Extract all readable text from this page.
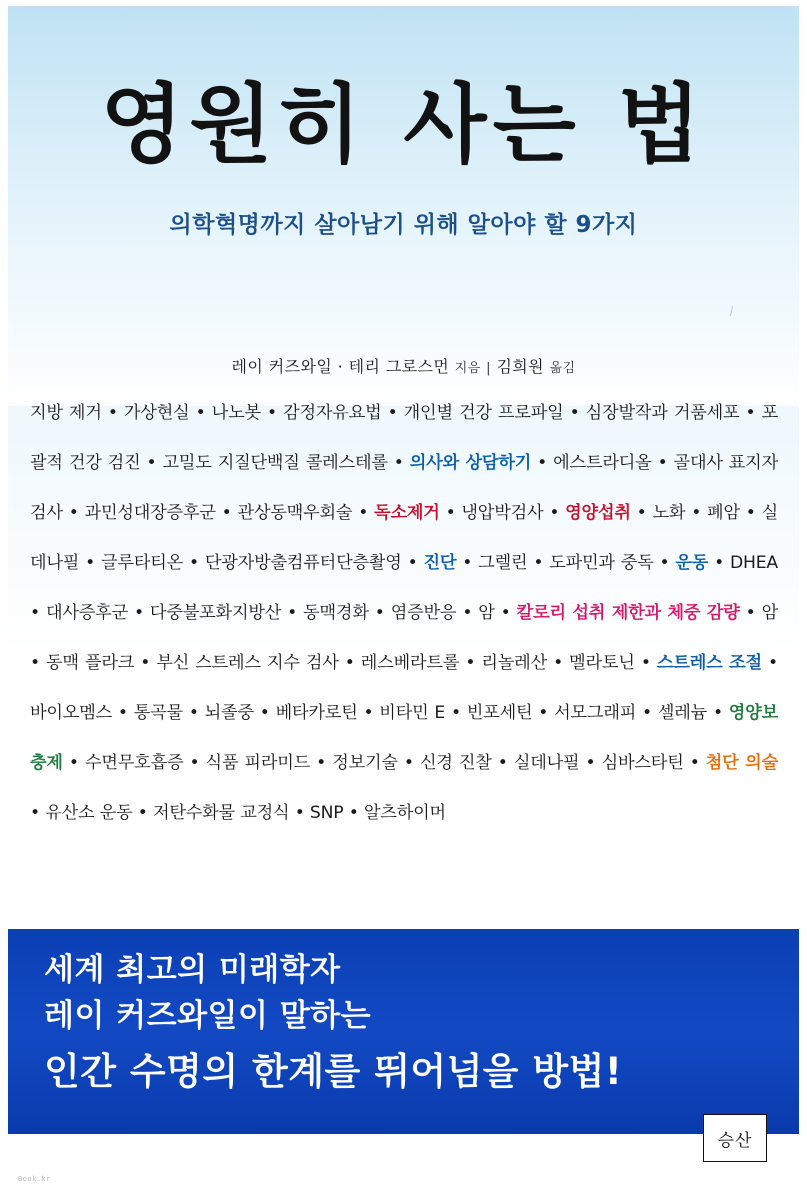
영원히 사는 법
의학혁명까지 살아남기 위해 알아야 할 9가지
레이 커즈와일 · 테리 그로스먼 지음 | 김희원 옮김
지방 제거 • 가상현실 • 나노봇 • 감정자유요법 • 개인별 건강 프로파일 • 심장발작과 거품세포 • 포괄적 건강 검진 • 고밀도 지질단백질 콜레스테롤 • 의사와 상담하기 • 에스트라디올 • 골대사 표지자 검사 • 과민성대장증후군 • 관상동맥우회술 • 독소제거 • 냉압박검사 • 영양섭취 • 노화 • 폐암 • 실데나필 • 글루타티온 • 단광자방출컴퓨터단층촬영 • 진단 • 그렐린 • 도파민과 중독 • 운동 • DHEA • 대사증후군 • 다중불포화지방산 • 동맥경화 • 염증반응 • 암 • 칼로리 섭취 제한과 체중 감량 • 암 • 동맥 플라크 • 부신 스트레스 지수 검사 • 레스베라트롤 • 리놀레산 • 멜라토닌 • 스트레스 조절 • 바이오멤스 • 통곡물 • 뇌졸중 • 베타카로틴 • 비타민 E • 빈포세틴 • 서모그래피 • 셀레늄 • 영양보충제 • 수면무호흡증 • 식품 피라미드 • 정보기술 • 신경 진찰 • 실데나필 • 심바스타틴 • 첨단 의술 • 유산소 운동 • 저탄수화물 교정식 • SNP • 알츠하이머
세계 최고의 미래학자
레이 커즈와일이 말하는
인간 수명의 한계를 뛰어넘을 방법!
승산
Book.kr
